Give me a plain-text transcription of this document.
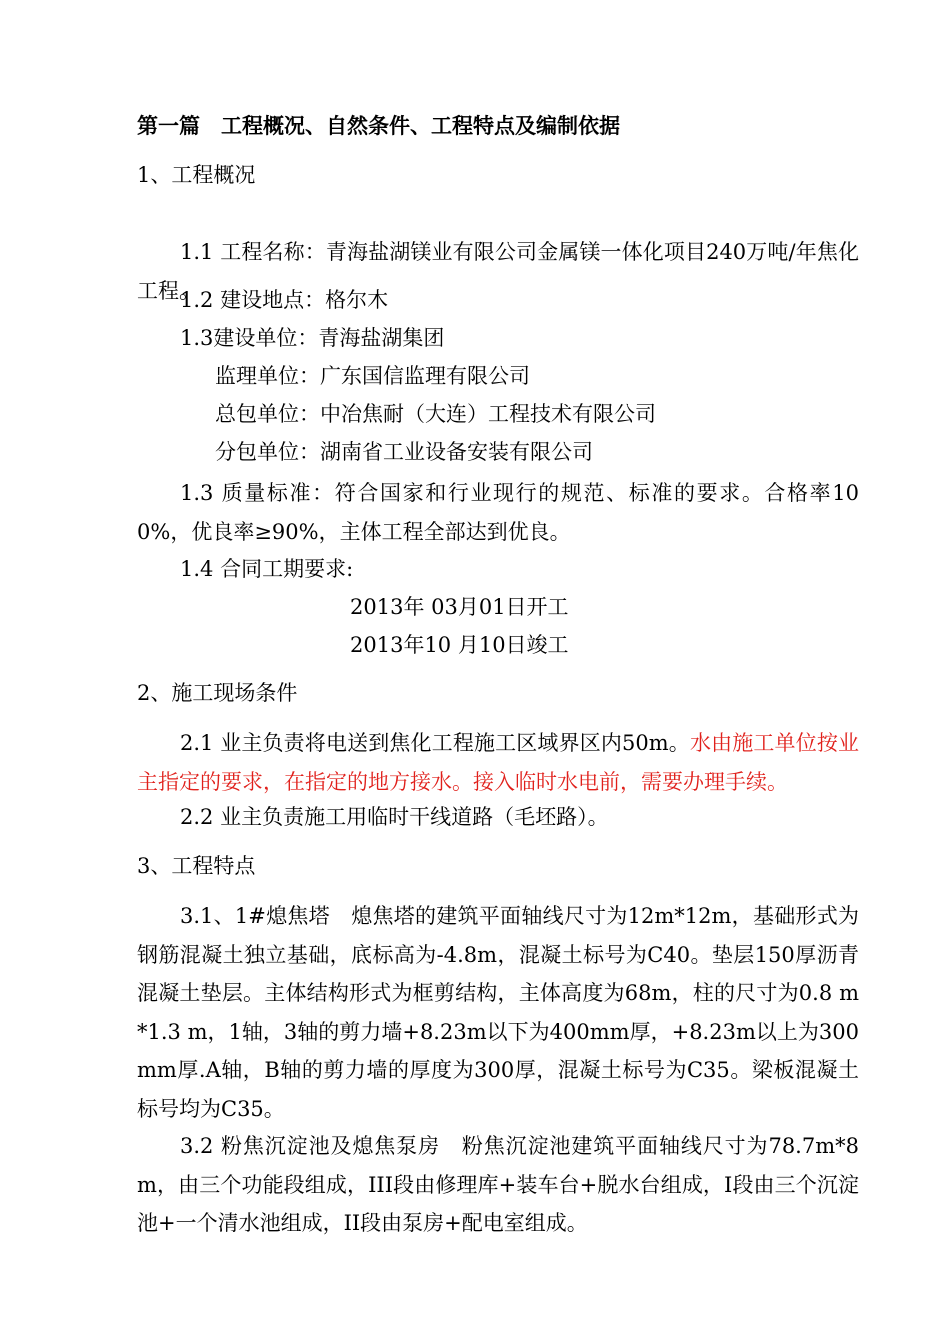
第一篇　工程概况、自然条件、工程特点及编制依据
1、工程概况
1.1 工程名称：青海盐湖镁业有限公司金属镁一体化项目240万吨/年焦化工程。
1.2 建设地点：格尔木
1.3建设单位：青海盐湖集团
监理单位：广东国信监理有限公司
总包单位：中冶焦耐（大连）工程技术有限公司
分包单位：湖南省工业设备安装有限公司
1.3 质量标准：符合国家和行业现行的规范、标准的要求。合格率100%，优良率≥90%，主体工程全部达到优良。
1.4 合同工期要求:
2013年 03月01日开工
2013年10 月10日竣工
2、施工现场条件
2.1 业主负责将电送到焦化工程施工区域界区内50m。水由施工单位按业主指定的要求，在指定的地方接水。接入临时水电前，需要办理手续。
2.2 业主负责施工用临时干线道路（毛坯路）。
3、工程特点
3.1、1#熄焦塔　熄焦塔的建筑平面轴线尺寸为12m*12m，基础形式为钢筋混凝土独立基础，底标高为-4.8m，混凝土标号为C40。垫层150厚沥青混凝土垫层。主体结构形式为框剪结构，主体高度为68m，柱的尺寸为0.8 m *1.3 m，1轴，3轴的剪力墙+8.23m以下为400mm厚，+8.23m以上为300mm厚.A轴，B轴的剪力墙的厚度为300厚，混凝土标号为C35。梁板混凝土标号均为C35。
3.2 粉焦沉淀池及熄焦泵房　粉焦沉淀池建筑平面轴线尺寸为78.7m*8m，由三个功能段组成，III段由修理库+装车台+脱水台组成，I段由三个沉淀池+一个清水池组成，II段由泵房+配电室组成。
